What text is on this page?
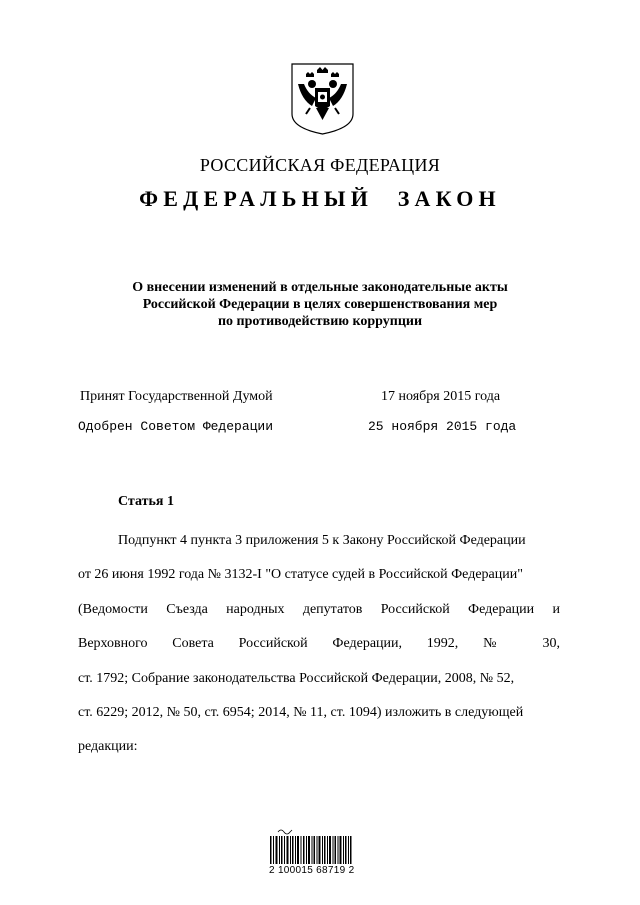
РОССИЙСКАЯ ФЕДЕРАЦИЯ
ФЕДЕРАЛЬНЫЙ ЗАКОН
О внесении изменений в отдельные законодательные акты
Российской Федерации в целях совершенствования мер
по противодействию коррупции
Принят Государственной Думой	17 ноября 2015 года
Одобрен Советом Федерации	25 ноября 2015 года
Статья 1
Подпункт 4 пункта 3 приложения 5 к Закону Российской Федерации
от 26 июня 1992 года № 3132-I "О статусе судей в Российской Федерации"
(Ведомости Съезда народных депутатов Российской Федерации и
Верховного Совета Российской Федерации, 1992, № 30,
ст. 1792; Собрание законодательства Российской Федерации, 2008, № 52,
ст. 6229; 2012, № 50, ст. 6954; 2014, № 11, ст. 1094) изложить в следующей
редакции:
2 100015 68719 2
